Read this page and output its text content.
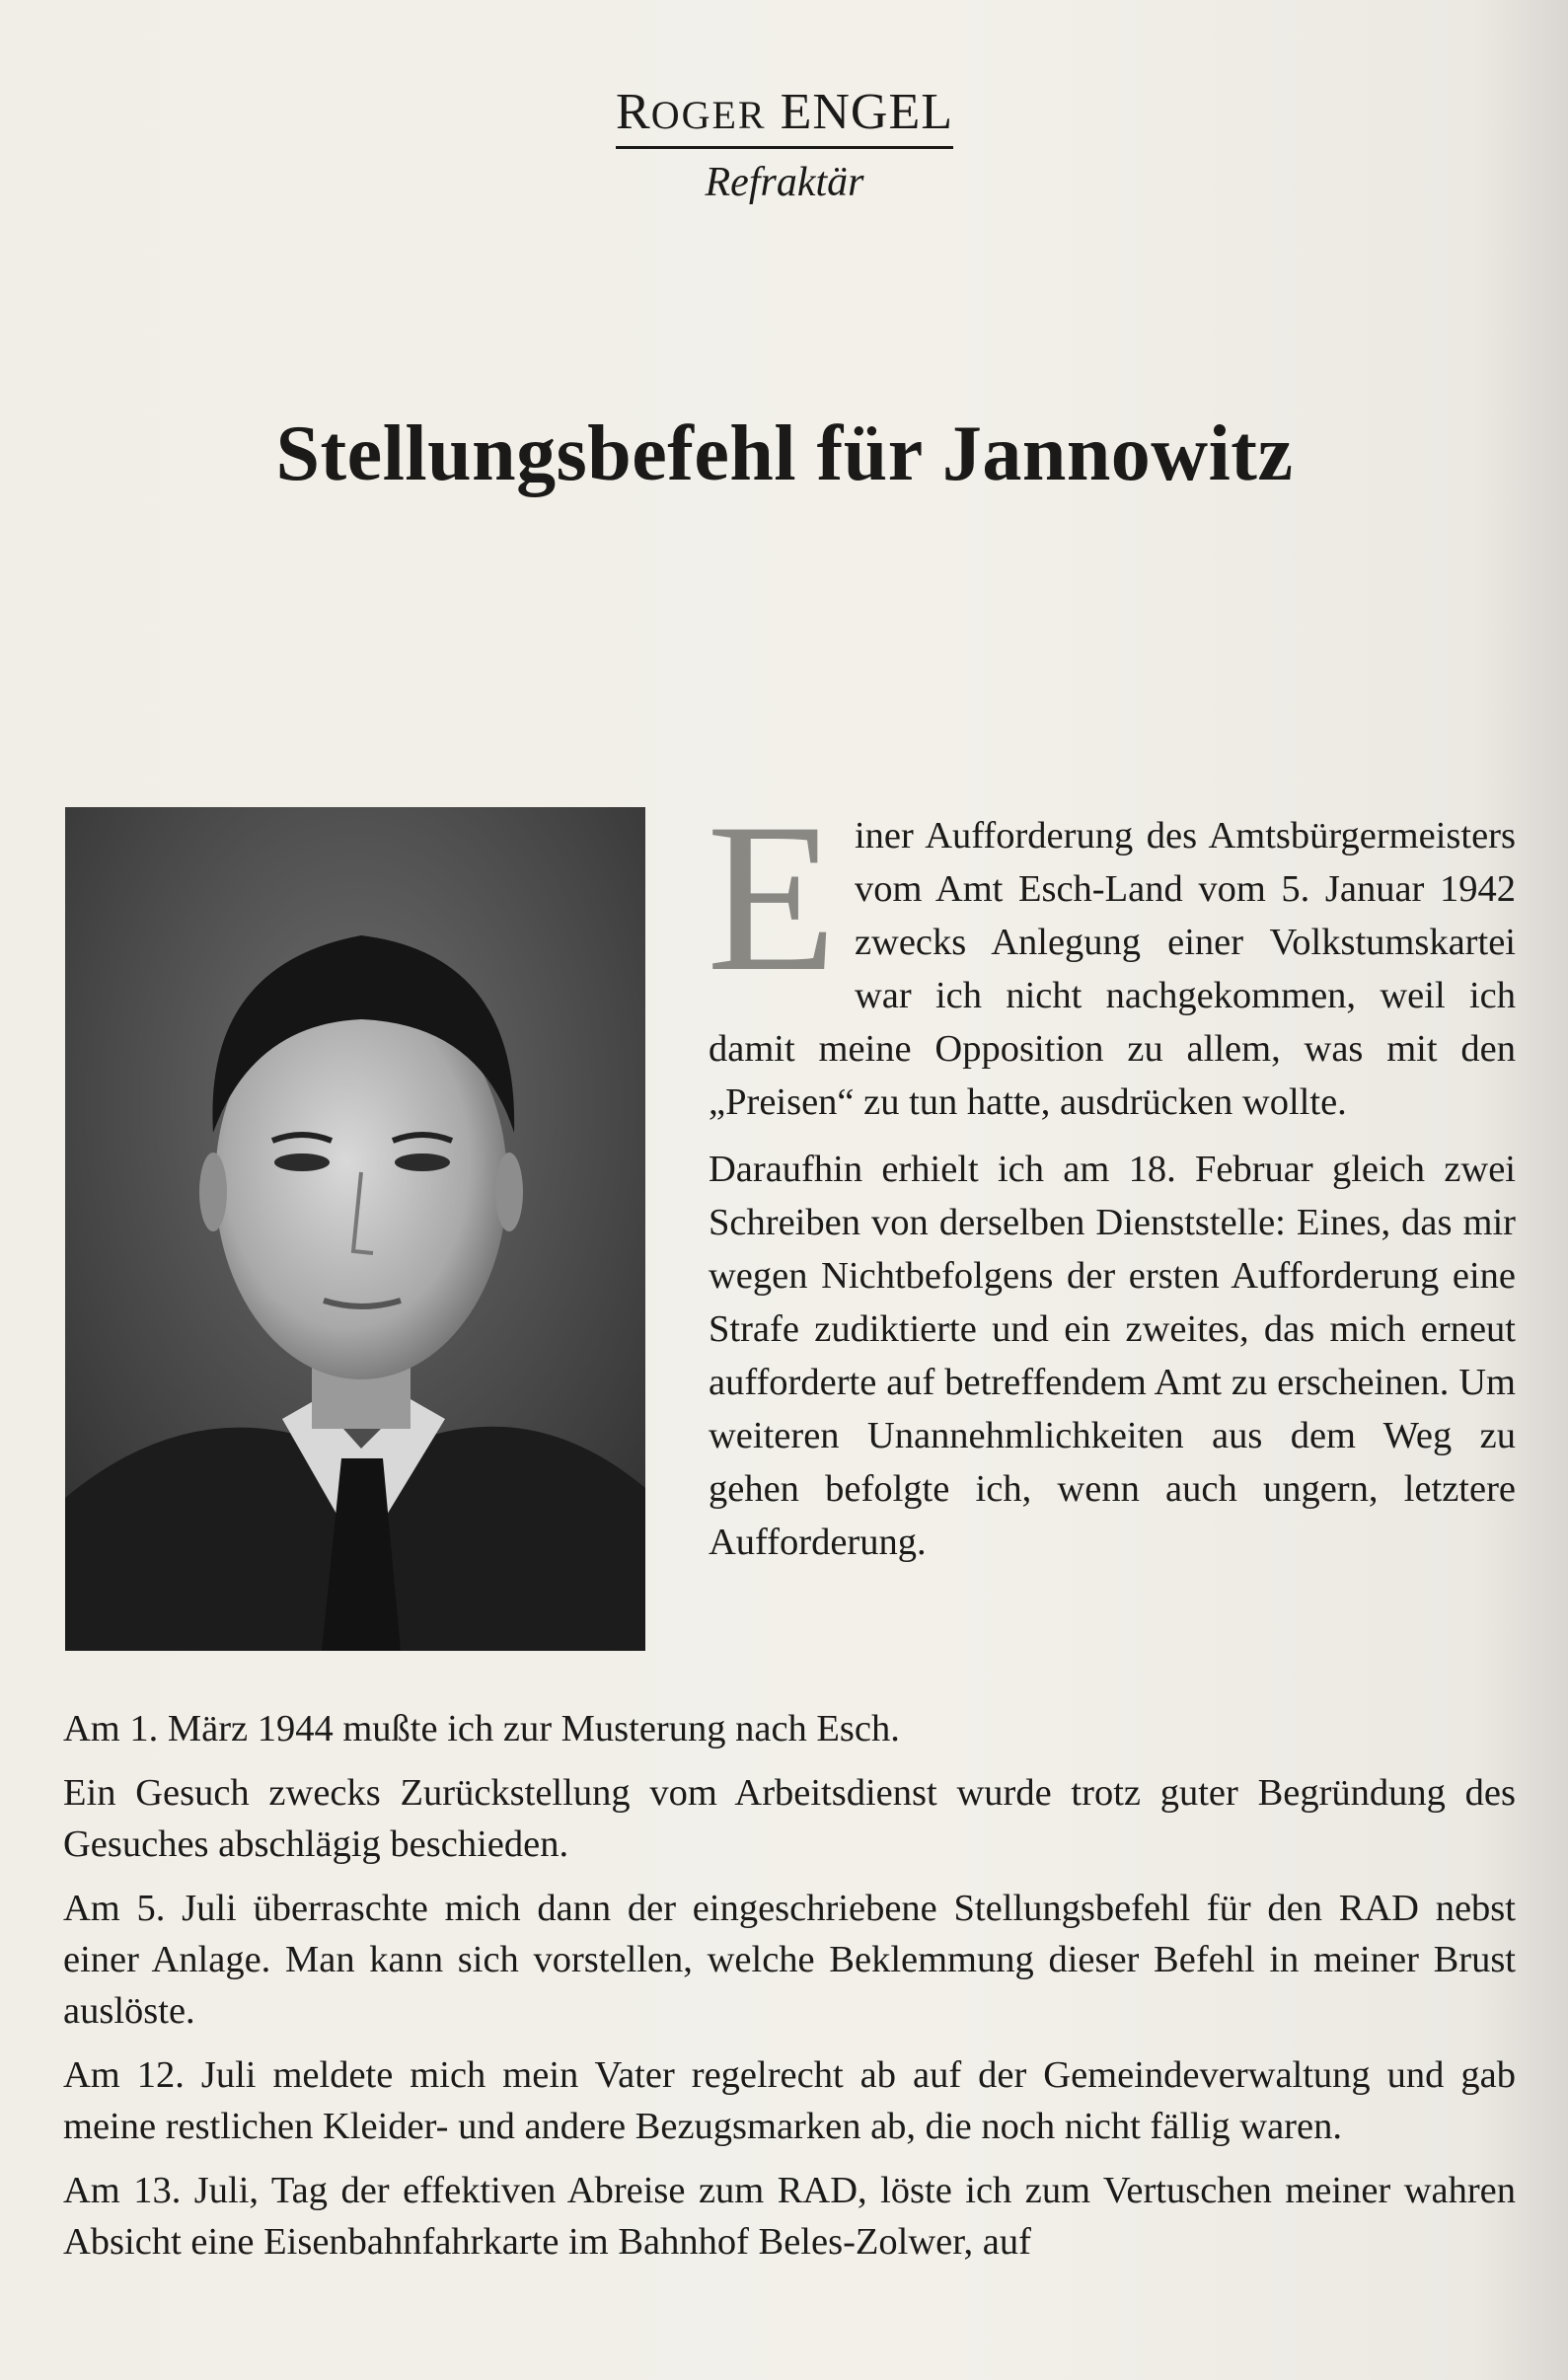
ROGER ENGEL
Refraktär
Stellungsbefehl für Jannowitz

Einer Aufforderung des Amtsbürgermeisters vom Amt Esch-Land vom 5. Januar 1942 zwecks Anlegung einer Volkstumskartei war ich nicht nachgekommen, weil ich damit meine Opposition zu allem, was mit den „Preisen“ zu tun hatte, ausdrücken wollte.

Daraufhin erhielt ich am 18. Februar gleich zwei Schreiben von derselben Dienststelle: Eines, das mir wegen Nichtbefolgens der ersten Aufforderung eine Strafe zudiktierte und ein zweites, das mich erneut aufforderte auf betreffendem Amt zu erscheinen. Um weiteren Unannehmlichkeiten aus dem Weg zu gehen befolgte ich, wenn auch ungern, letztere Aufforderung.

Am 1. März 1944 mußte ich zur Musterung nach Esch.

Ein Gesuch zwecks Zurückstellung vom Arbeitsdienst wurde trotz guter Begründung des Gesuches abschlägig beschieden.

Am 5. Juli überraschte mich dann der eingeschriebene Stellungsbefehl für den RAD nebst einer Anlage. Man kann sich vorstellen, welche Beklemmung dieser Befehl in meiner Brust auslöste.

Am 12. Juli meldete mich mein Vater regelrecht ab auf der Gemeindeverwaltung und gab meine restlichen Kleider- und andere Bezugsmarken ab, die noch nicht fällig waren.

Am 13. Juli, Tag der effektiven Abreise zum RAD, löste ich zum Vertuschen meiner wahren Absicht eine Eisenbahnfahrkarte im Bahnhof Beles-Zolwer, auf
